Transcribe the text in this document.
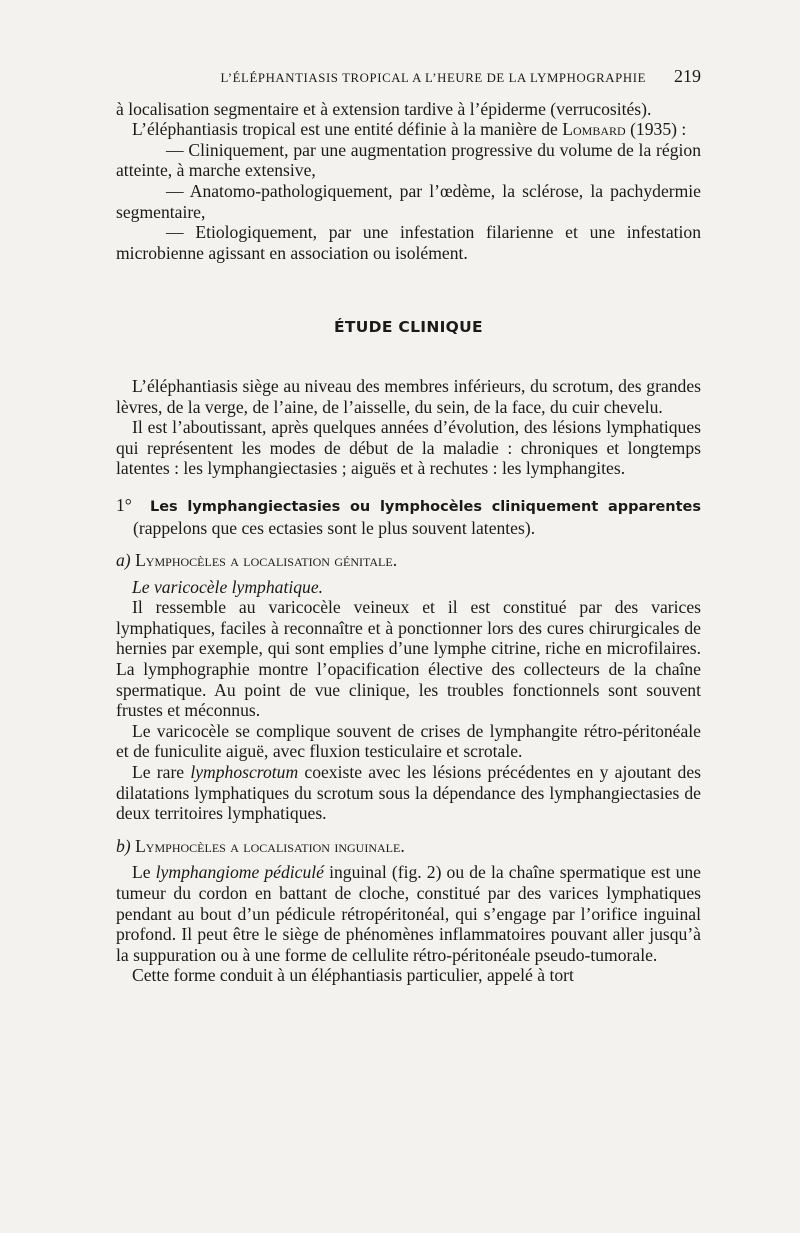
L’ÉLÉPHANTIASIS TROPICAL A L’HEURE DE LA LYMPHOGRAPHIE 219

à localisation segmentaire et à extension tardive à l’épiderme (verrucosités).

L’éléphantiasis tropical est une entité définie à la manière de Lombard (1935) :

— Cliniquement, par une augmentation progressive du volume de la région atteinte, à marche extensive,

— Anatomo-pathologiquement, par l’œdème, la sclérose, la pachydermie segmentaire,

— Etiologiquement, par une infestation filarienne et une infestation microbienne agissant en association ou isolément.

ÉTUDE CLINIQUE

L’éléphantiasis siège au niveau des membres inférieurs, du scrotum, des grandes lèvres, de la verge, de l’aine, de l’aisselle, du sein, de la face, du cuir chevelu.

Il est l’aboutissant, après quelques années d’évolution, des lésions lymphatiques qui représentent les modes de début de la maladie : chroniques et longtemps latentes : les lymphangiectasies ; aiguës et à rechutes : les lymphangites.

1° Les lymphangiectasies ou lymphocèles cliniquement apparentes (rappelons que ces ectasies sont le plus souvent latentes).

a) Lymphocèles a localisation génitale.

Le varicocèle lymphatique.

Il ressemble au varicocèle veineux et il est constitué par des varices lymphatiques, faciles à reconnaître et à ponctionner lors des cures chirurgicales de hernies par exemple, qui sont emplies d’une lymphe citrine, riche en microfilaires. La lymphographie montre l’opacification élective des collecteurs de la chaîne spermatique. Au point de vue clinique, les troubles fonctionnels sont souvent frustes et méconnus.

Le varicocèle se complique souvent de crises de lymphangite rétro-péritonéale et de funiculite aiguë, avec fluxion testiculaire et scrotale.

Le rare lymphoscrotum coexiste avec les lésions précédentes en y ajoutant des dilatations lymphatiques du scrotum sous la dépendance des lymphangiectasies de deux territoires lymphatiques.

b) Lymphocèles a localisation inguinale.

Le lymphangiome pédiculé inguinal (fig. 2) ou de la chaîne spermatique est une tumeur du cordon en battant de cloche, constitué par des varices lymphatiques pendant au bout d’un pédicule rétropéritonéal, qui s’engage par l’orifice inguinal profond. Il peut être le siège de phénomènes inflammatoires pouvant aller jusqu’à la suppuration ou à une forme de cellulite rétro-péritonéale pseudo-tumorale.

Cette forme conduit à un éléphantiasis particulier, appelé à tort
